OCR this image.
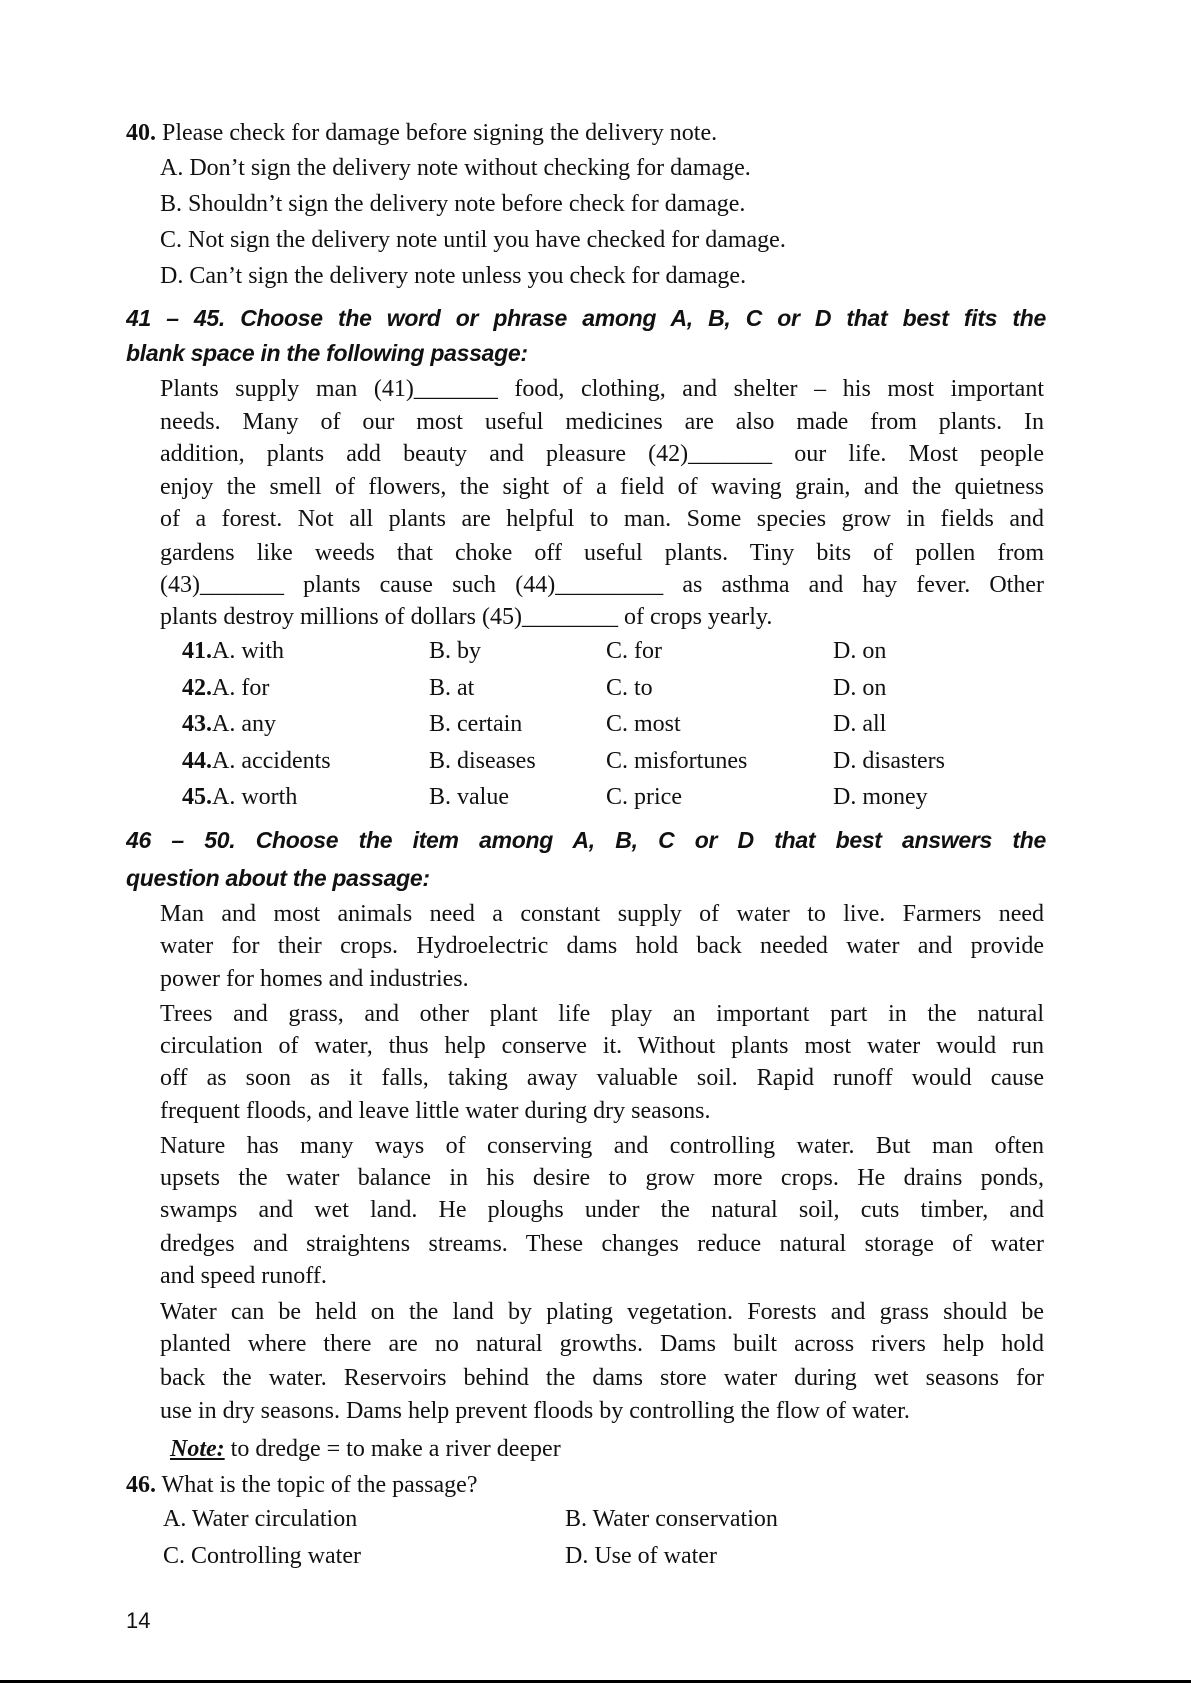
40. Please check for damage before signing the delivery note.
A. Don’t sign the delivery note without checking for damage.
B. Shouldn’t sign the delivery note before check for damage.
C. Not sign the delivery note until you have checked for damage.
D. Can’t sign the delivery note unless you check for damage.
41 – 45. Choose the word or phrase among A, B, C or D that best fits the
blank space in the following passage:
Plants supply man (41)_______ food, clothing, and shelter – his most important
needs. Many of our most useful medicines are also made from plants. In
addition, plants add beauty and pleasure (42)_______ our life. Most people
enjoy the smell of flowers, the sight of a field of waving grain, and the quietness
of a forest. Not all plants are helpful to man. Some species grow in fields and
gardens like weeds that choke off useful plants. Tiny bits of pollen from
(43)_______ plants cause such (44)_________ as asthma and hay fever. Other
plants destroy millions of dollars (45)________ of crops yearly.
41. A. with	B. by	C. for	D. on
42. A. for	B. at	C. to	D. on
43. A. any	B. certain	C. most	D. all
44. A. accidents	B. diseases	C. misfortunes	D. disasters
45. A. worth	B. value	C. price	D. money
46 – 50. Choose the item among A, B, C or D that best answers the
question about the passage:
Man and most animals need a constant supply of water to live. Farmers need
water for their crops. Hydroelectric dams hold back needed water and provide
power for homes and industries.
Trees and grass, and other plant life play an important part in the natural
circulation of water, thus help conserve it. Without plants most water would run
off as soon as it falls, taking away valuable soil. Rapid runoff would cause
frequent floods, and leave little water during dry seasons.
Nature has many ways of conserving and controlling water. But man often
upsets the water balance in his desire to grow more crops. He drains ponds,
swamps and wet land. He ploughs under the natural soil, cuts timber, and
dredges and straightens streams. These changes reduce natural storage of water
and speed runoff.
Water can be held on the land by plating vegetation. Forests and grass should be
planted where there are no natural growths. Dams built across rivers help hold
back the water. Reservoirs behind the dams store water during wet seasons for
use in dry seasons. Dams help prevent floods by controlling the flow of water.
Note: to dredge = to make a river deeper
46. What is the topic of the passage?
A. Water circulation	B. Water conservation
C. Controlling water	D. Use of water
14
